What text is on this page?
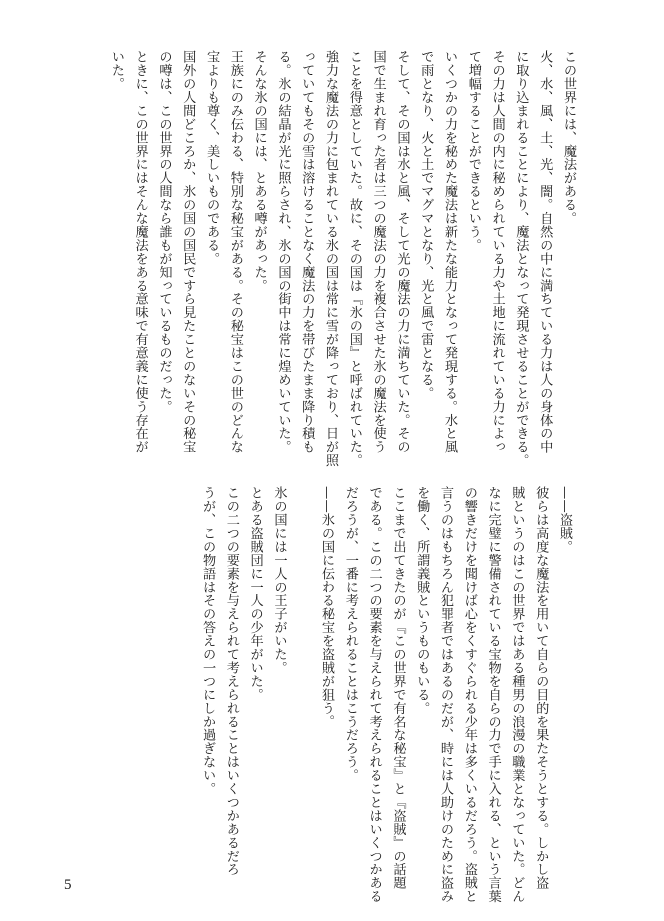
この世界には、魔法がある。
火、水、風、土、光、闇。自然の中に満ちている力は人の身体の中
に取り込まれることにより、魔法となって発現させることができる。
その力は人間の内に秘められている力や土地に流れている力によっ
て増幅することができるという。
いくつかの力を秘めた魔法は新たな能力となって発現する。水と風
で雨となり、火と土でマグマとなり、光と風で雷となる。
そして、その国は水と風、そして光の魔法の力に満ちていた。その
国で生まれ育った者は三つの魔法の力を複合させた氷の魔法を使う
ことを得意としていた。故に、その国は『氷の国』と呼ばれていた。
強力な魔法の力に包まれている氷の国は常に雪が降っており、日が照
っていてもその雪は溶けることなく魔法の力を帯びたまま降り積も
る。氷の結晶が光に照らされ、氷の国の街中は常に煌めいていた。
そんな氷の国には、とある噂があった。
王族にのみ伝わる、特別な秘宝がある。その秘宝はこの世のどんな
宝よりも尊く、美しいものである。
国外の人間どころか、氷の国の国民ですら見たことのないその秘宝
の噂は、この世界の人間なら誰もが知っているものだった。
ときに、この世界にはそんな魔法をある意味で有意義に使う存在が
いた。
——盗賊。
彼らは高度な魔法を用いて自らの目的を果たそうとする。しかし盗
賊というのはこの世界ではある種男の浪漫の職業となっていた。どん
なに完璧に警備されている宝物を自らの力で手に入れる、という言葉
の響きだけを聞けば心をくすぐられる少年は多くいるだろう。盗賊と
言うのはもちろん犯罪者ではあるのだが、時には人助けのために盗み
を働く、所謂義賊というものもいる。
ここまで出てきたのが『この世界で有名な秘宝』と『盗賊』の話題
である。この二つの要素を与えられて考えられることはいくつかある
だろうが、一番に考えられることはこうだろう。
——氷の国に伝わる秘宝を盗賊が狙う。

氷の国には一人の王子がいた。
とある盗賊団に一人の少年がいた。
この二つの要素を与えられて考えられることはいくつかあるだろ
うが、この物語はその答えの一つにしか過ぎない。
5
